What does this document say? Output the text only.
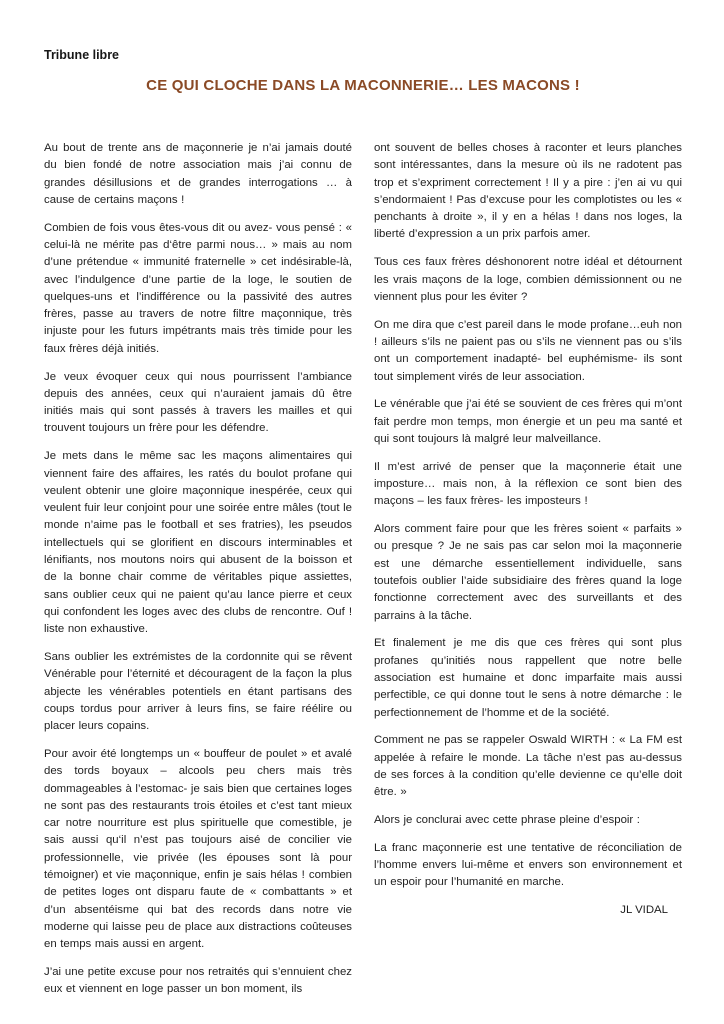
Tribune libre
CE QUI CLOCHE DANS LA MACONNERIE… LES MACONS !

Au bout de trente ans de maçonnerie je n’ai jamais douté du bien fondé de notre association mais j’ai connu de grandes désillusions et de grandes interrogations … à cause de certains maçons !

Combien de fois vous êtes-vous dit ou avez- vous pensé : « celui-là ne mérite pas d‘être parmi nous… » mais au nom d’une prétendue « immunité fraternelle » cet indésirable-là, avec l’indulgence d’une partie de la loge, le soutien de quelques-uns et l’indifférence ou la passivité des autres frères, passe au travers de notre filtre maçonnique, très injuste pour les futurs impétrants mais très timide pour les faux frères déjà initiés.

Je veux évoquer ceux qui nous pourrissent l’ambiance depuis des années, ceux qui n’auraient jamais dû être initiés mais qui sont passés à travers les mailles et qui trouvent toujours un frère pour les défendre.

Je mets dans le même sac les maçons alimentaires qui viennent faire des affaires, les ratés du boulot profane qui veulent obtenir une gloire maçonnique inespérée, ceux qui veulent fuir leur conjoint pour une soirée entre mâles (tout le monde n’aime pas le football et ses fratries), les pseudos intellectuels qui se glorifient en discours interminables et lénifiants, nos moutons noirs qui abusent de la boisson et de la bonne chair comme de véritables pique assiettes, sans oublier ceux qui ne paient qu’au lance pierre et ceux qui confondent les loges avec des clubs de rencontre. Ouf ! liste non exhaustive.

Sans oublier les extrémistes de la cordonnite qui se rêvent Vénérable pour l’éternité et découragent de la façon la plus abjecte les vénérables potentiels en étant partisans des coups tordus pour arriver à leurs fins, se faire réélire ou placer leurs copains.

Pour avoir été longtemps un « bouffeur de poulet » et avalé des tords boyaux – alcools peu chers mais très dommageables à l’estomac- je sais bien que certaines loges ne sont pas des restaurants trois étoiles et c’est tant mieux car notre nourriture est plus spirituelle que comestible, je sais aussi qu‘il n’est pas toujours aisé de concilier vie professionnelle, vie privée (les épouses sont là pour témoigner) et vie maçonnique, enfin je sais hélas ! combien de petites loges ont disparu faute de « combattants » et d’un absentéisme qui bat des records dans notre vie moderne qui laisse peu de place aux distractions coûteuses en temps mais aussi en argent.

J’ai une petite excuse pour nos retraités qui s’ennuient chez eux et viennent en loge passer un bon moment, ils

ont souvent de belles choses à raconter et leurs planches sont intéressantes, dans la mesure où ils ne radotent pas trop et s’expriment correctement ! Il y a pire : j’en ai vu qui s’endormaient ! Pas d’excuse pour les complotistes ou les « penchants à droite », il y en a hélas ! dans nos loges, la liberté d’expression a un prix parfois amer.

Tous ces faux frères déshonorent notre idéal et détournent les vrais maçons de la loge, combien démissionnent ou ne viennent plus pour les éviter ?

On me dira que c’est pareil dans le mode profane…euh non ! ailleurs s’ils ne paient pas ou s’ils ne viennent pas ou s’ils ont un comportement inadapté- bel euphémisme- ils sont tout simplement virés de leur association.

Le vénérable que j’ai été se souvient de ces frères qui m’ont fait perdre mon temps, mon énergie et un peu ma santé et qui sont toujours là malgré leur malveillance.

Il m’est arrivé de penser que la maçonnerie était une imposture… mais non, à la réflexion ce sont bien des maçons – les faux frères- les imposteurs !

Alors comment faire pour que les frères soient « parfaits » ou presque ? Je ne sais pas car selon moi la maçonnerie est une démarche essentiellement individuelle, sans toutefois oublier l’aide subsidiaire des frères quand la loge fonctionne correctement avec des surveillants et des parrains à la tâche.

Et finalement je me dis que ces frères qui sont plus profanes qu’initiés nous rappellent que notre belle association est humaine et donc imparfaite mais aussi perfectible, ce qui donne tout le sens à notre démarche : le perfectionnement de l’homme et de la société.

Comment ne pas se rappeler Oswald WIRTH : « La FM est appelée à refaire le monde. La tâche n’est pas au-dessus de ses forces à la condition qu’elle devienne ce qu’elle doit être. »

Alors je conclurai avec cette phrase pleine d’espoir :

La franc maçonnerie est une tentative de réconciliation de l’homme envers lui-même et envers son environnement et un espoir pour l’humanité en marche.

JL VIDAL
